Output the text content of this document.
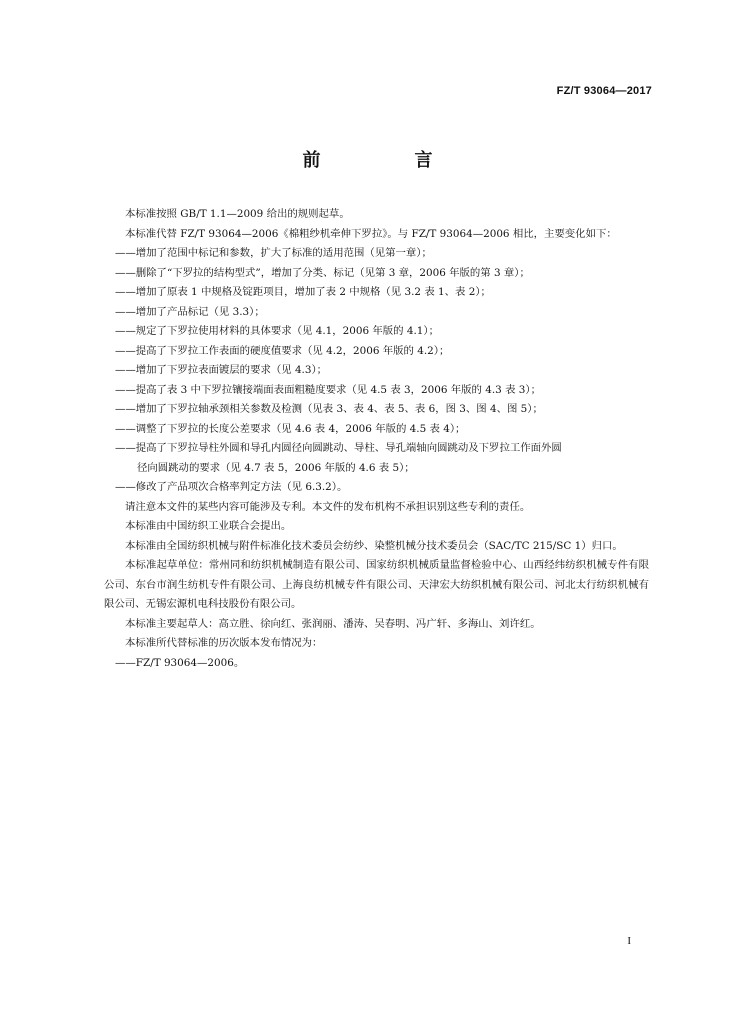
FZ/T 93064—2017
前　言

本标准按照 GB/T 1.1—2009 给出的规则起草。

本标准代替 FZ/T 93064—2006《棉粗纱机牵伸下罗拉》。与 FZ/T 93064—2006 相比，主要变化如下：

——增加了范围中标记和参数，扩大了标准的适用范围（见第一章）；

——删除了“下罗拉的结构型式”，增加了分类、标记（见第 3 章，2006 年版的第 3 章）；

——增加了原表 1 中规格及锭距项目，增加了表 2 中规格（见 3.2 表 1、表 2）；

——增加了产品标记（见 3.3）；

——规定了下罗拉使用材料的具体要求（见 4.1，2006 年版的 4.1）；

——提高了下罗拉工作表面的硬度值要求（见 4.2，2006 年版的 4.2）；

——增加了下罗拉表面镀层的要求（见 4.3）；

——提高了表 3 中下罗拉镶接端面表面粗糙度要求（见 4.5 表 3，2006 年版的 4.3 表 3）；

——增加了下罗拉轴承颈相关参数及检测（见表 3、表 4、表 5、表 6，图 3、图 4、图 5）；

——调整了下罗拉的长度公差要求（见 4.6 表 4，2006 年版的 4.5 表 4）；

——提高了下罗拉导柱外圆和导孔内圆径向圆跳动、导柱、导孔端轴向圆跳动及下罗拉工作面外圆
径向圆跳动的要求（见 4.7 表 5，2006 年版的 4.6 表 5）；

——修改了产品项次合格率判定方法（见 6.3.2）。

请注意本文件的某些内容可能涉及专利。本文件的发布机构不承担识别这些专利的责任。

本标准由中国纺织工业联合会提出。

本标准由全国纺织机械与附件标准化技术委员会纺纱、染整机械分技术委员会（SAC/TC 215/SC 1）归口。

本标准起草单位：常州同和纺织机械制造有限公司、国家纺织机械质量监督检验中心、山西经纬纺织机械专件有限公司、东台市润生纺机专件有限公司、上海良纺机械专件有限公司、天津宏大纺织机械有限公司、河北太行纺织机械有限公司、无锡宏源机电科技股份有限公司。

本标准主要起草人：高立胜、徐向红、张润丽、潘涛、吴春明、冯广轩、多海山、刘许红。

本标准所代替标准的历次版本发布情况为：

——FZ/T 93064—2006。

I
